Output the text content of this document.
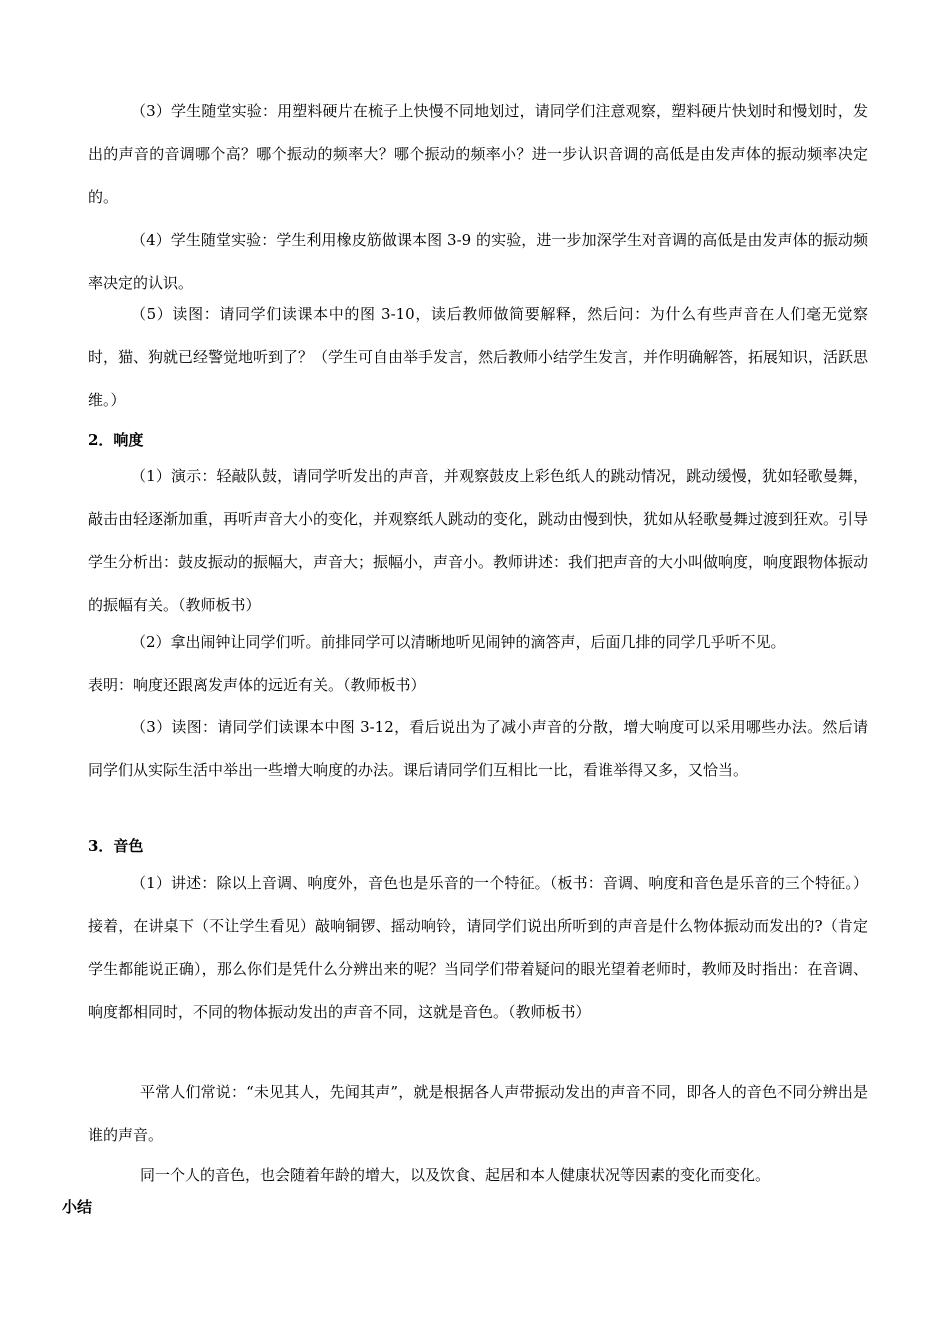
（3）学生随堂实验：用塑料硬片在梳子上快慢不同地划过，请同学们注意观察，塑料硬片快划时和慢划时，发出的声音的音调哪个高？哪个振动的频率大？哪个振动的频率小？进一步认识音调的高低是由发声体的振动频率决定的。

（4）学生随堂实验：学生利用橡皮筋做课本图 3-9 的实验，进一步加深学生对音调的高低是由发声体的振动频率决定的认识。

（5）读图：请同学们读课本中的图 3-10，读后教师做简要解释，然后问：为什么有些声音在人们毫无觉察时，猫、狗就已经警觉地听到了？（学生可自由举手发言，然后教师小结学生发言，并作明确解答，拓展知识，活跃思维。）

2．响度

（1）演示：轻敲队鼓，请同学听发出的声音，并观察鼓皮上彩色纸人的跳动情况，跳动缓慢，犹如轻歌曼舞，敲击由轻逐渐加重，再听声音大小的变化，并观察纸人跳动的变化，跳动由慢到快，犹如从轻歌曼舞过渡到狂欢。引导学生分析出：鼓皮振动的振幅大，声音大；振幅小，声音小。教师讲述：我们把声音的大小叫做响度，响度跟物体振动的振幅有关。（教师板书）

（2）拿出闹钟让同学们听。前排同学可以清晰地听见闹钟的滴答声，后面几排的同学几乎听不见。

表明：响度还跟离发声体的远近有关。（教师板书）

（3）读图：请同学们读课本中图 3-12，看后说出为了减小声音的分散，增大响度可以采用哪些办法。然后请同学们从实际生活中举出一些增大响度的办法。课后请同学们互相比一比，看谁举得又多，又恰当。

3．音色

（1）讲述：除以上音调、响度外，音色也是乐音的一个特征。（板书：音调、响度和音色是乐音的三个特征。）接着，在讲桌下（不让学生看见）敲响铜锣、摇动响铃，请同学们说出所听到的声音是什么物体振动而发出的?（肯定学生都能说正确），那么你们是凭什么分辨出来的呢？当同学们带着疑问的眼光望着老师时，教师及时指出：在音调、响度都相同时，不同的物体振动发出的声音不同，这就是音色。（教师板书）

平常人们常说：“未见其人，先闻其声”，就是根据各人声带振动发出的声音不同，即各人的音色不同分辨出是谁的声音。

同一个人的音色，也会随着年龄的增大，以及饮食、起居和本人健康状况等因素的变化而变化。

小结
